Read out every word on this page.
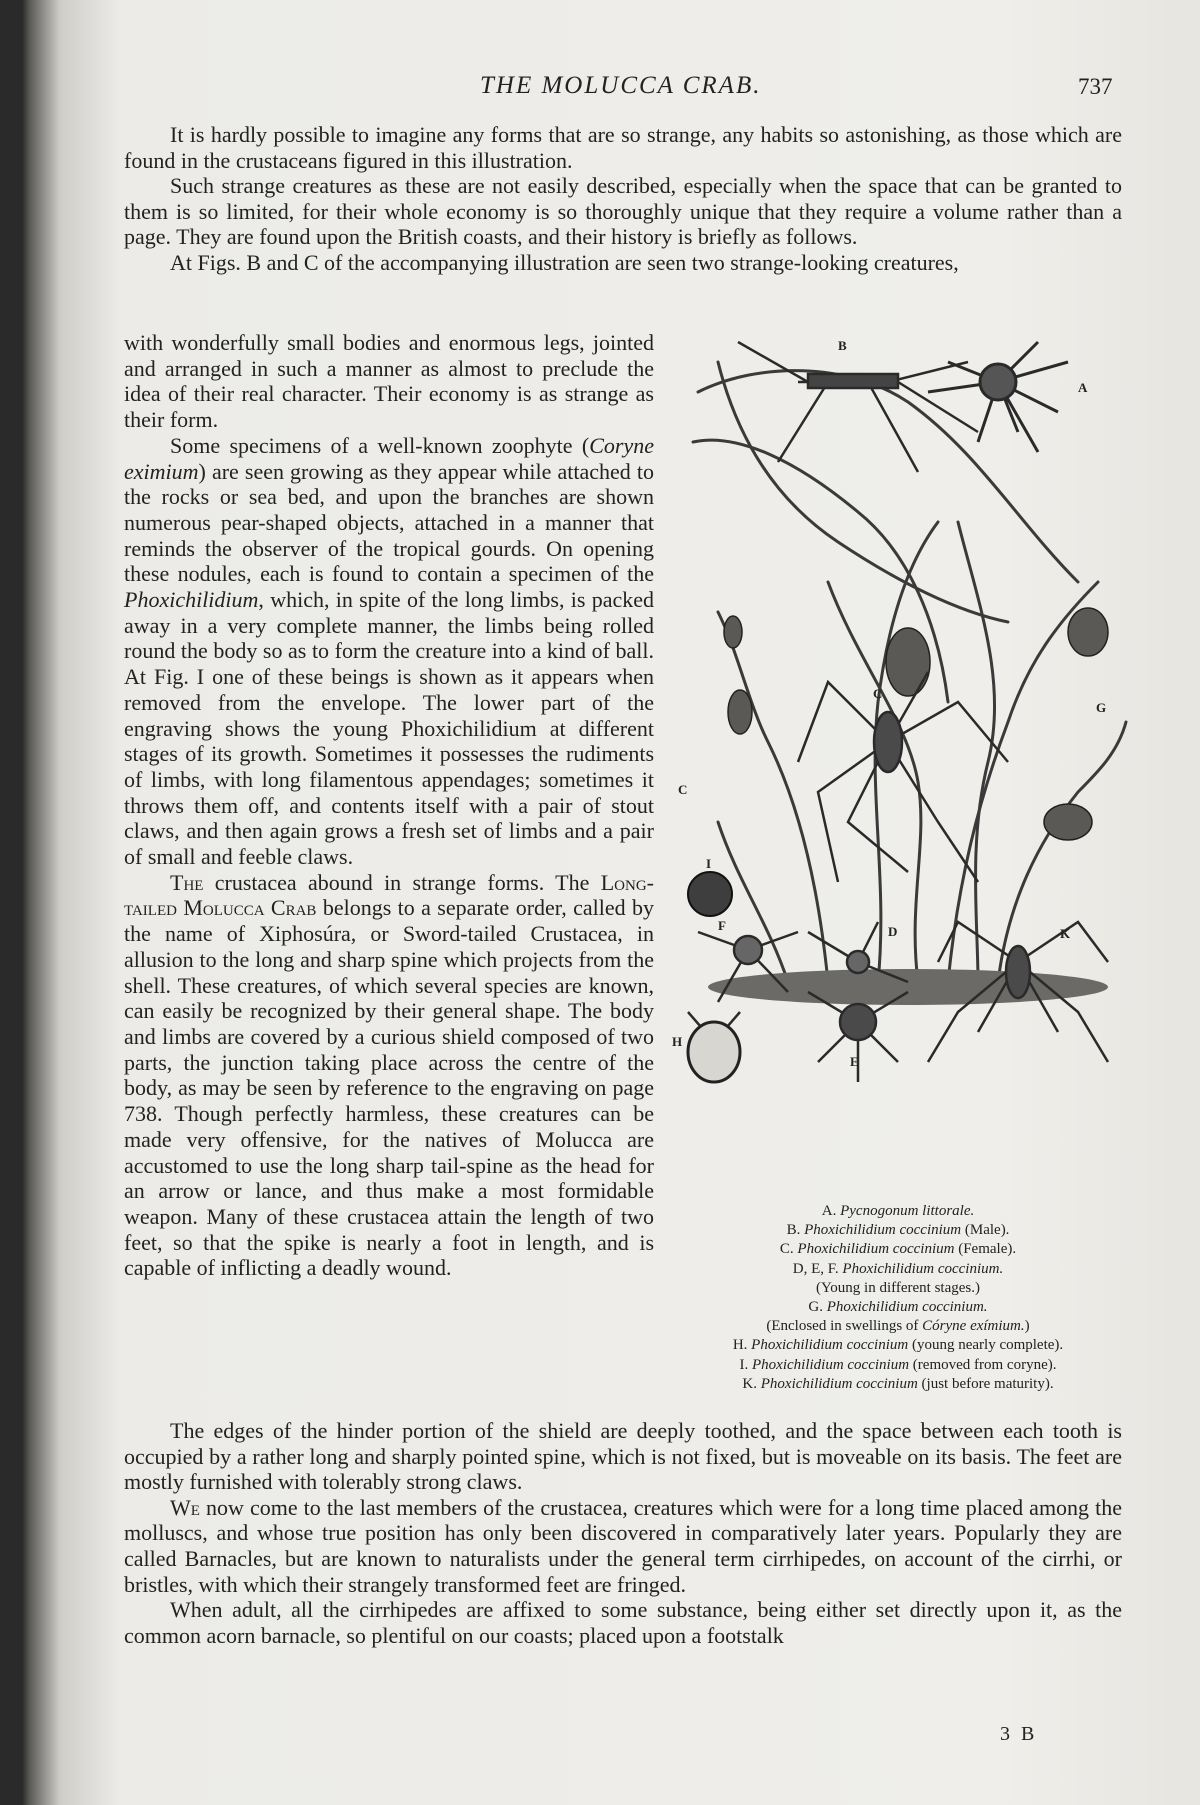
THE MOLUCCA CRAB.	737

It is hardly possible to imagine any forms that are so strange, any habits so astonishing, as those which are found in the crustaceans figured in this illustration.

Such strange creatures as these are not easily described, especially when the space that can be granted to them is so limited, for their whole economy is so thoroughly unique that they require a volume rather than a page. They are found upon the British coasts, and their history is briefly as follows.

At Figs. B and C of the accompanying illustration are seen two strange-looking creatures,

with wonderfully small bodies and enormous legs, jointed and arranged in such a manner as almost to preclude the idea of their real character. Their economy is as strange as their form.

Some specimens of a well-known zoophyte (Coryne eximium) are seen growing as they appear while attached to the rocks or sea bed, and upon the branches are shown numerous pear-shaped objects, attached in a manner that reminds the observer of the tropical gourds. On opening these nodules, each is found to contain a specimen of the Phoxichilidium, which, in spite of the long limbs, is packed away in a very complete manner, the limbs being rolled round the body so as to form the creature into a kind of ball. At Fig. I one of these beings is shown as it appears when removed from the envelope. The lower part of the engraving shows the young Phoxichilidium at different stages of its growth. Sometimes it possesses the rudiments of limbs, with long filamentous appendages; sometimes it throws them off, and contents itself with a pair of stout claws, and then again grows a fresh set of limbs and a pair of small and feeble claws.

The crustacea abound in strange forms. The Long-tailed Molucca Crab belongs to a separate order, called by the name of Xiphosúra, or Sword-tailed Crustacea, in allusion to the long and sharp spine which projects from the shell. These creatures, of which several species are known, can easily be recognized by their general shape. The body and limbs are covered by a curious shield composed of two parts, the junction taking place across the centre of the body, as may be seen by reference to the engraving on page 738. Though perfectly harmless, these creatures can be made very offensive, for the natives of Molucca are accustomed to use the long sharp tail-spine as the head for an arrow or lance, and thus make a most formidable weapon. Many of these crustacea attain the length of two feet, so that the spike is nearly a foot in length, and is capable of inflicting a deadly wound.

B
A
C
G
C
I
F	D	K
H
E
A. Pycnogonum littorale.
B. Phoxichilidium coccinium (Male).
C. Phoxichilidium coccinium (Female).
D, E, F. Phoxichilidium coccinium.
(Young in different stages.)
G. Phoxichilidium coccinium.
(Enclosed in swellings of Córyne exímium.)
H. Phoxichilidium coccinium (young nearly complete).
I. Phoxichilidium coccinium (removed from coryne).
K. Phoxichilidium coccinium (just before maturity).

The edges of the hinder portion of the shield are deeply toothed, and the space between each tooth is occupied by a rather long and sharply pointed spine, which is not fixed, but is moveable on its basis. The feet are mostly furnished with tolerably strong claws.

We now come to the last members of the crustacea, creatures which were for a long time placed among the molluscs, and whose true position has only been discovered in comparatively later years. Popularly they are called Barnacles, but are known to naturalists under the general term cirrhipedes, on account of the cirrhi, or bristles, with which their strangely transformed feet are fringed.

When adult, all the cirrhipedes are affixed to some substance, being either set directly upon it, as the common acorn barnacle, so plentiful on our coasts; placed upon a footstalk

3 B
